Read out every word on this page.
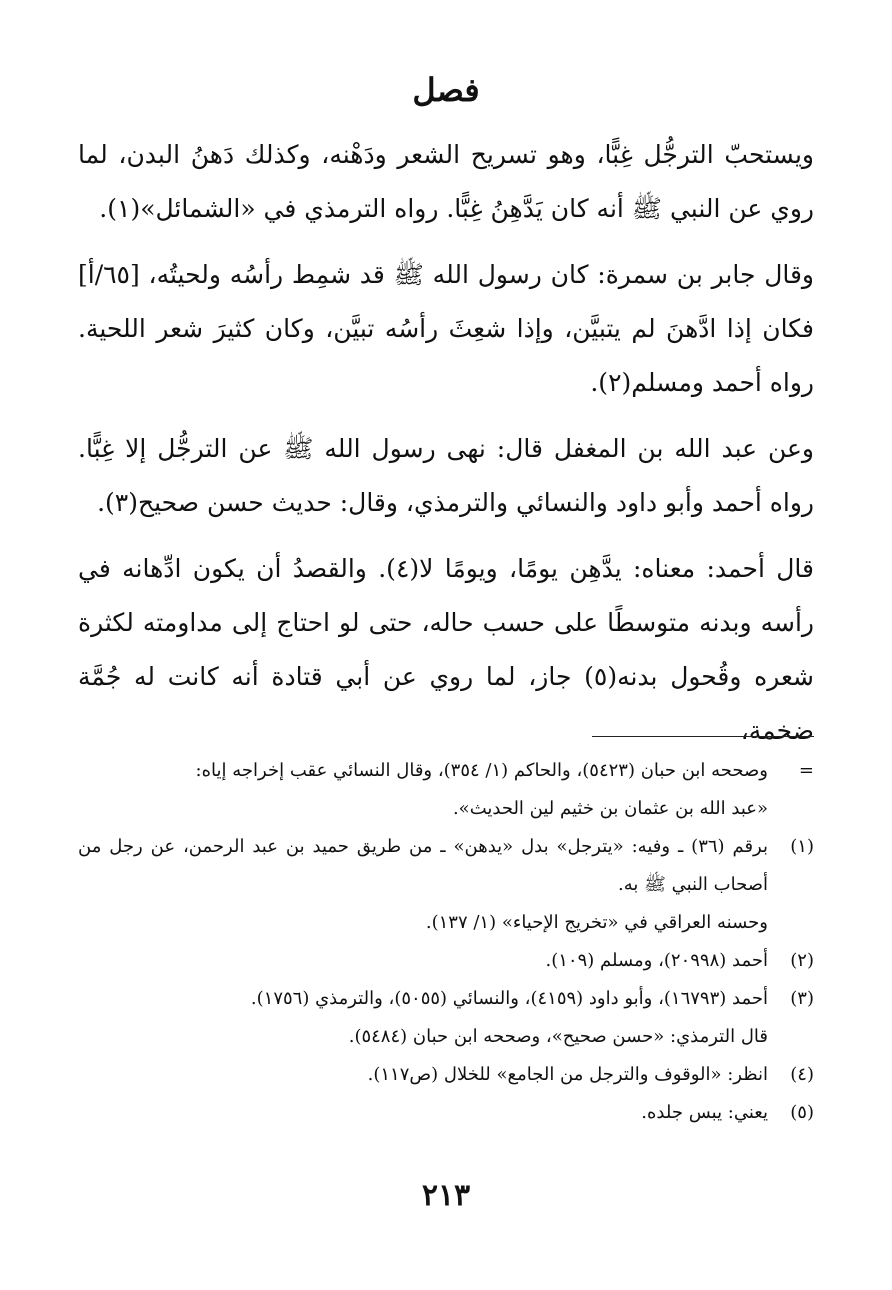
فصل

ويستحبّ الترجُّل غِبًّا، وهو تسريح الشعر ودَهْنه، وكذلك دَهنُ البدن، لما روي عن النبي ﷺ أنه كان يَدَّهِنُ غِبًّا. رواه الترمذي في «الشمائل»(١).

وقال جابر بن سمرة: كان رسول الله ﷺ قد شمِط رأسُه ولحيتُه، [٦٥/أ] فكان إذا ادَّهنَ لم يتبيَّن، وإذا شعِثَ رأسُه تبيَّن، وكان كثيرَ شعر اللحية. رواه أحمد ومسلم(٢).

وعن عبد الله بن المغفل قال: نهى رسول الله ﷺ عن الترجُّل إلا غِبًّا. رواه أحمد وأبو داود والنسائي والترمذي، وقال: حديث حسن صحيح(٣).

قال أحمد: معناه: يدَّهِن يومًا، ويومًا لا(٤). والقصدُ أن يكون ادِّهانه في رأسه وبدنه متوسطًا على حسب حاله، حتى لو احتاج إلى مداومته لكثرة شعره وقُحول بدنه(٥) جاز، لما روي عن أبي قتادة أنه كانت له جُمَّة ضخمة،

=
وصححه ابن حبان (٥٤٢٣)، والحاكم (١/ ٣٥٤)، وقال النسائي عقب إخراجه إياه:
«عبد الله بن عثمان بن خثيم لين الحديث».
(١)
برقم (٣٦) ـ وفيه: «يترجل» بدل «يدهن» ـ من طريق حميد بن عبد الرحمن، عن رجل من أصحاب النبي ﷺ به.
وحسنه العراقي في «تخريج الإحياء» (١/ ١٣٧).
(٢)
أحمد (٢٠٩٩٨)، ومسلم (١٠٩).
(٣)
أحمد (١٦٧٩٣)، وأبو داود (٤١٥٩)، والنسائي (٥٠٥٥)، والترمذي (١٧٥٦).
قال الترمذي: «حسن صحيح»، وصححه ابن حبان (٥٤٨٤).
(٤)
انظر: «الوقوف والترجل من الجامع» للخلال (ص١١٧).
(٥)
يعني: يبس جلده.
٢١٣
